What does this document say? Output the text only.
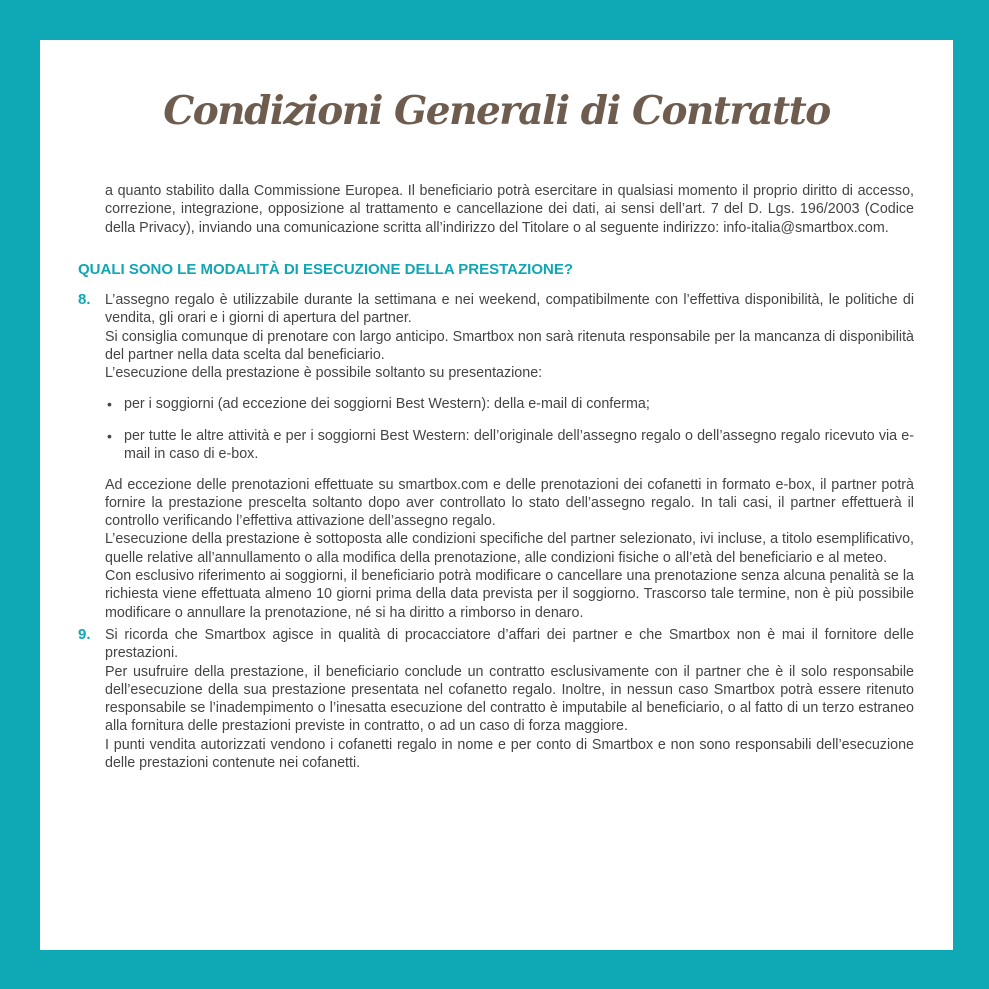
Condizioni Generali di Contratto

a quanto stabilito dalla Commissione Europea. Il beneficiario potrà esercitare in qualsiasi momento il proprio diritto di accesso, correzione, integrazione, opposizione al trattamento e cancellazione dei dati, ai sensi dell’art. 7 del D. Lgs. 196/2003 (Codice della Privacy), inviando una comunicazione scritta all’indirizzo del Titolare o al seguente indirizzo: info-italia@smartbox.com.

QUALI SONO LE MODALITÀ DI ESECUZIONE DELLA PRESTAZIONE?

8. L’assegno regalo è utilizzabile durante la settimana e nei weekend, compatibilmente con l’effettiva disponibilità, le politiche di vendita, gli orari e i giorni di apertura del partner.

Si consiglia comunque di prenotare con largo anticipo. Smartbox non sarà ritenuta responsabile per la mancanza di disponibilità del partner nella data scelta dal beneficiario.

L’esecuzione della prestazione è possibile soltanto su presentazione:

• per i soggiorni (ad eccezione dei soggiorni Best Western): della e-mail di conferma;
• per tutte le altre attività e per i soggiorni Best Western: dell’originale dell’assegno regalo o dell’assegno regalo ricevuto via e-mail in caso di e-box.

Ad eccezione delle prenotazioni effettuate su smartbox.com e delle prenotazioni dei cofanetti in formato e-box, il partner potrà fornire la prestazione prescelta soltanto dopo aver controllato lo stato dell’assegno regalo. In tali casi, il partner effettuerà il controllo verificando l’effettiva attivazione dell’assegno regalo.

L’esecuzione della prestazione è sottoposta alle condizioni specifiche del partner selezionato, ivi incluse, a titolo esemplificativo, quelle relative all’annullamento o alla modifica della prenotazione, alle condizioni fisiche o all’età del beneficiario e al meteo.

Con esclusivo riferimento ai soggiorni, il beneficiario potrà modificare o cancellare una prenotazione senza alcuna penalità se la richiesta viene effettuata almeno 10 giorni prima della data prevista per il soggiorno. Trascorso tale termine, non è più possibile modificare o annullare la prenotazione, né si ha diritto a rimborso in denaro.

9. Si ricorda che Smartbox agisce in qualità di procacciatore d’affari dei partner e che Smartbox non è mai il fornitore delle prestazioni.

Per usufruire della prestazione, il beneficiario conclude un contratto esclusivamente con il partner che è il solo responsabile dell’esecuzione della sua prestazione presentata nel cofanetto regalo. Inoltre, in nessun caso Smartbox potrà essere ritenuto responsabile se l’inadempimento o l’inesatta esecuzione del contratto è imputabile al beneficiario, o al fatto di un terzo estraneo alla fornitura delle prestazioni previste in contratto, o ad un caso di forza maggiore.

I punti vendita autorizzati vendono i cofanetti regalo in nome e per conto di Smartbox e non sono responsabili dell’esecuzione delle prestazioni contenute nei cofanetti.
